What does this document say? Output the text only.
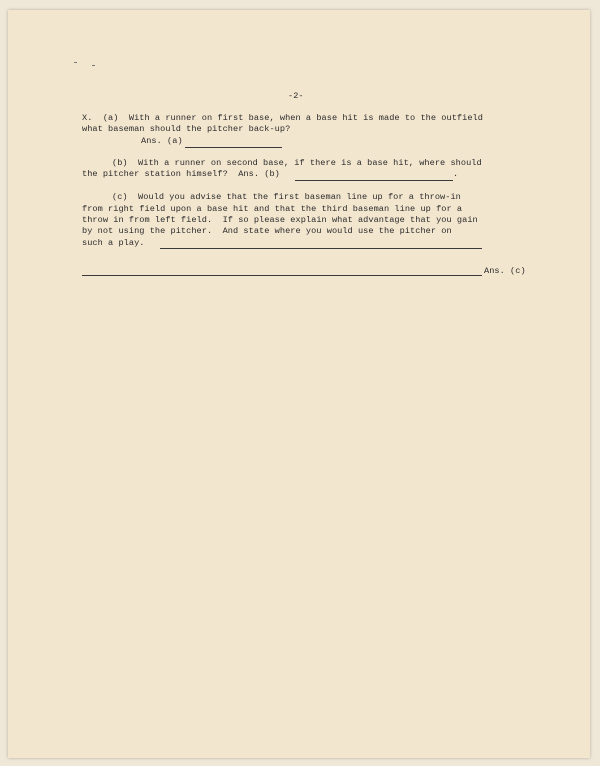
-2-
X.  (a)  With a runner on first base, when a base hit is made to the outfield
what baseman should the pitcher back-up?
Ans. (a)
(b)  With a runner on second base, if there is a base hit, where should
the pitcher station himself?  Ans. (b)	.
(c)  Would you advise that the first baseman line up for a throw-in
from right field upon a base hit and that the third baseman line up for a
throw in from left field.  If so please explain what advantage that you gain
by not using the pitcher.  And state where you would use the pitcher on
such a play.
Ans. (c)
